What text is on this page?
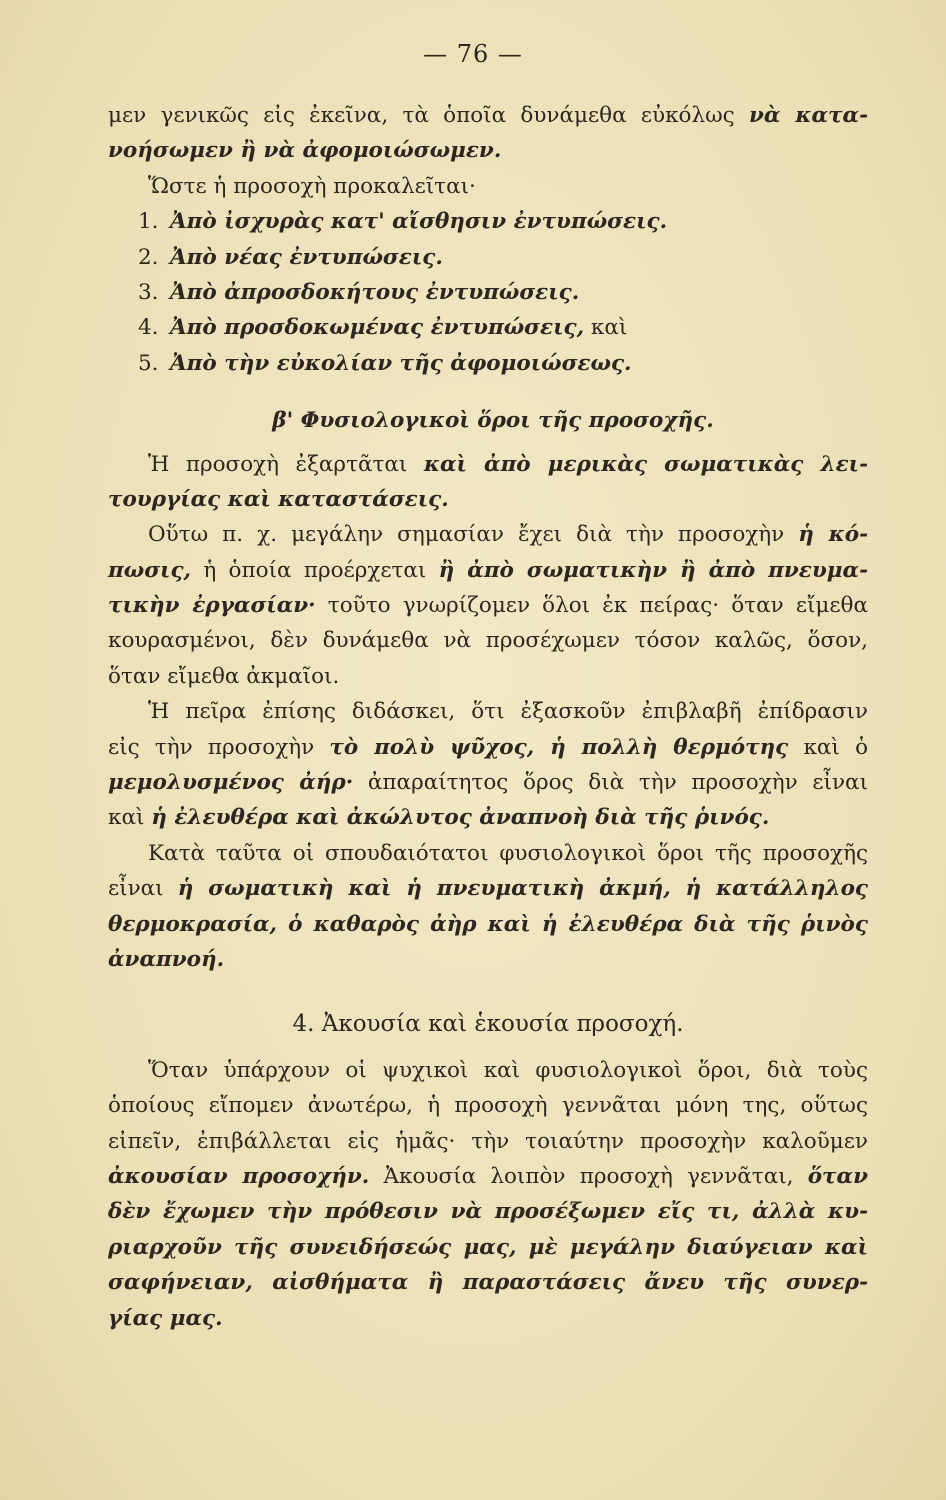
— 76 —
μεν γενικῶς εἰς ἐκεῖνα, τὰ ὁποῖα δυνάμεθα εὐκόλως νὰ κατα-
νοήσωμεν ἢ νὰ ἀφομοιώσωμεν.
Ὥστε ἡ προσοχὴ προκαλεῖται·
1. Ἀπὸ ἰσχυρὰς κατ' αἴσθησιν ἐντυπώσεις.
2. Ἀπὸ νέας ἐντυπώσεις.
3. Ἀπὸ ἀπροσδοκήτους ἐντυπώσεις.
4. Ἀπὸ προσδοκωμένας ἐντυπώσεις, καὶ
5. Ἀπὸ τὴν εὐκολίαν τῆς ἀφομοιώσεως.
β' Φυσιολογικοὶ ὅροι τῆς προσοχῆς.
Ἡ προσοχὴ ἐξαρτᾶται καὶ ἀπὸ μερικὰς σωματικὰς λει-
τουργίας καὶ καταστάσεις.
Οὕτω π. χ. μεγάλην σημασίαν ἔχει διὰ τὴν προσοχὴν ἡ κό-
πωσις, ἡ ὁποία προέρχεται ἢ ἀπὸ σωματικὴν ἢ ἀπὸ πνευμα-
τικὴν ἐργασίαν· τοῦτο γνωρίζομεν ὅλοι ἐκ πείρας· ὅταν εἴμεθα
κουρασμένοι, δὲν δυνάμεθα νὰ προσέχωμεν τόσον καλῶς, ὅσον,
ὅταν εἴμεθα ἀκμαῖοι.
Ἡ πεῖρα ἐπίσης διδάσκει, ὅτι ἐξασκοῦν ἐπιβλαβῆ ἐπίδρασιν
εἰς τὴν προσοχὴν τὸ πολὺ ψῦχος, ἡ πολλὴ θερμότης καὶ ὁ
μεμολυσμένος ἀήρ· ἀπαραίτητος ὅρος διὰ τὴν προσοχὴν εἶναι
καὶ ἡ ἐλευθέρα καὶ ἀκώλυτος ἀναπνοὴ διὰ τῆς ῥινός.
Κατὰ ταῦτα οἱ σπουδαιότατοι φυσιολογικοὶ ὅροι τῆς προσοχῆς
εἶναι ἡ σωματικὴ καὶ ἡ πνευματικὴ ἀκμή, ἡ κατάλληλος
θερμοκρασία, ὁ καθαρὸς ἀὴρ καὶ ἡ ἐλευθέρα διὰ τῆς ῥινὸς
ἀναπνοή.
4. Ἀκουσία καὶ ἑκουσία προσοχή.
Ὅταν ὑπάρχουν οἱ ψυχικοὶ καὶ φυσιολογικοὶ ὅροι, διὰ τοὺς
ὁποίους εἴπομεν ἀνωτέρω, ἡ προσοχὴ γεννᾶται μόνη της, οὕτως
εἰπεῖν, ἐπιβάλλεται εἰς ἡμᾶς· τὴν τοιαύτην προσοχὴν καλοῦμεν
ἀκουσίαν προσοχήν. Ἀκουσία λοιπὸν προσοχὴ γεννᾶται, ὅταν
δὲν ἔχωμεν τὴν πρόθεσιν νὰ προσέξωμεν εἴς τι, ἀλλὰ κυ-
ριαρχοῦν τῆς συνειδήσεώς μας, μὲ μεγάλην διαύγειαν καὶ
σαφήνειαν, αἰσθήματα ἢ παραστάσεις ἄνευ τῆς συνερ-
γίας μας.
